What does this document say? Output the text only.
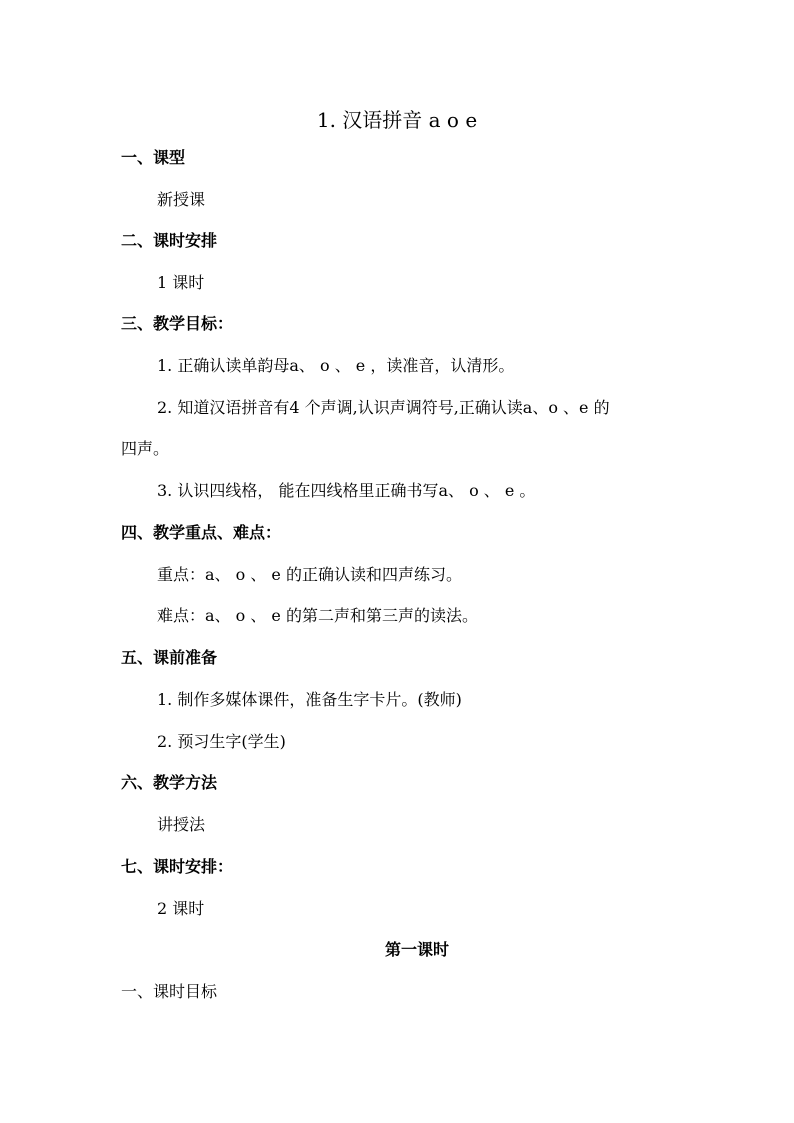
1. 汉语拼音 a o e
一、课型
新授课
二、课时安排
1 课时
三、教学目标：
1. 正确认读单韵母a、 o 、 e ，读准音，认清形。
2. 知道汉语拼音有4 个声调,认识声调符号,正确认读a、o 、e 的
四声。
3. 认识四线格， 能在四线格里正确书写a、 o 、 e 。
四、教学重点、难点：
重点：a、 o 、 e 的正确认读和四声练习。
难点：a、 o 、 e 的第二声和第三声的读法。
五、课前准备
1. 制作多媒体课件，准备生字卡片。(教师)
2. 预习生字(学生)
六、教学方法
讲授法
七、课时安排：
2 课时
第一课时
一、课时目标
